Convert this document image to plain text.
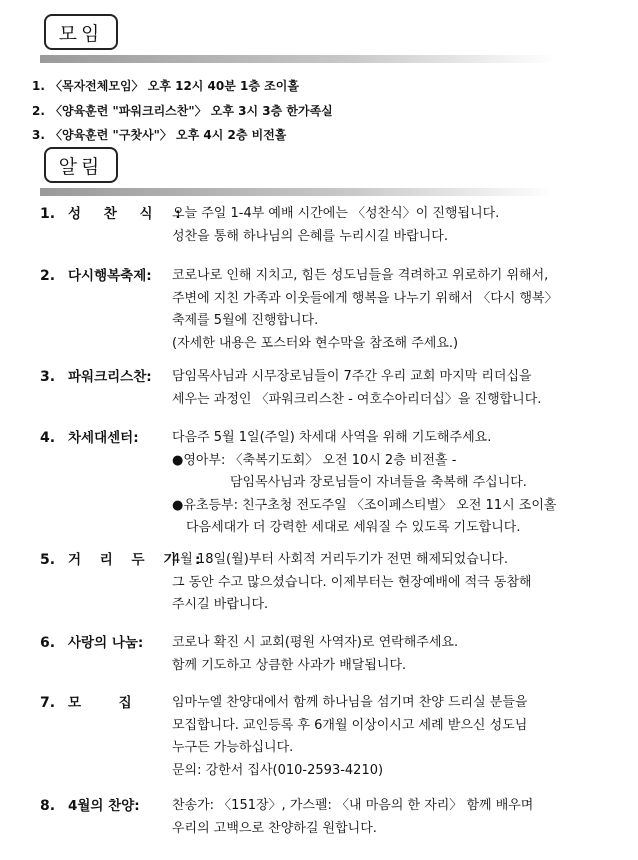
모임
1. 〈목자전체모임〉 오후 12시 40분 1층 조이홀
2. 〈양육훈련 "파워크리스찬"〉 오후 3시 3층 한가족실
3. 〈양육훈련 "구찻사"〉 오후 4시 2층 비전홀
알림
1. 성 찬 식 :
오늘 주일 1-4부 예배 시간에는 〈성찬식〉이 진행됩니다.
성찬을 통해 하나님의 은혜를 누리시길 바랍니다.
2. 다시행복축제: 코로나로 인해 지치고, 힘든 성도님들을 격려하고 위로하기 위해서,
주변에 지친 가족과 이웃들에게 행복을 나누기 위해서 〈다시 행복〉
축제를 5월에 진행합니다.
(자세한 내용은 포스터와 현수막을 참조해 주세요.)
3. 파워크리스찬: 담임목사님과 시무장로님들이 7주간 우리 교회 마지막 리더십을
세우는 과정인 〈파워크리스찬 - 여호수아리더십〉을 진행합니다.
4. 차세대센터:	다음주 5월 1일(주일) 차세대 사역을 위해 기도해주세요.
●영아부: 〈축복기도회〉 오전 10시 2층 비전홀 -
담임목사님과 장로님들이 자녀들을 축복해 주십니다.
●유초등부: 친구초청 전도주일 〈조이페스티벌〉 오전 11시 조이홀
다음세대가 더 강력한 세대로 세워질 수 있도록 기도합니다.
5. 거 리 두 기 :
4월 18일(월)부터 사회적 거리두기가 전면 해제되었습니다.
그 동안 수고 많으셨습니다. 이제부터는 현장예배에 적극 동참해
주시길 바랍니다.
6. 사랑의 나눔: 코로나 확진 시 교회(평원 사역자)로 연락해주세요.
함께 기도하고 상큼한 사과가 배달됩니다.
7. 모        집	임마누엘 찬양대에서 함께 하나님을 섬기며 찬양 드리실 분들을
모집합니다. 교인등록 후 6개월 이상이시고 세례 받으신 성도님
누구든 가능하십니다.
문의: 강한서 집사(010-2593-4210)
8. 4월의 찬양: 찬송가: 〈151장〉, 가스펠: 〈내 마음의 한 자리〉 함께 배우며
우리의 고백으로 찬양하길 원합니다.
